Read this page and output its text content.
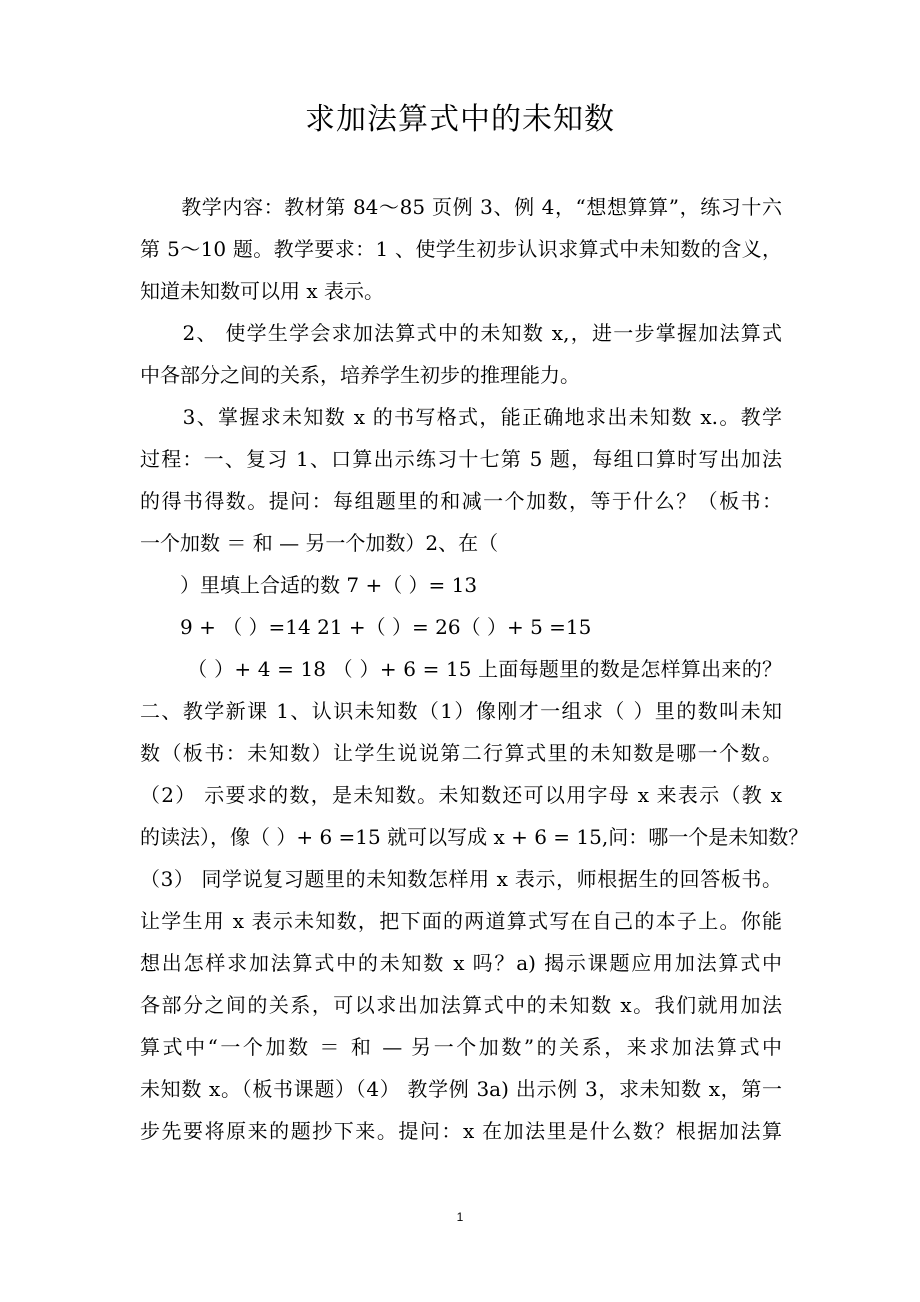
求加法算式中的未知数
　　教学内容：教材第 84～85 页例 3、例 4，“想想算算”，练习十六
第 5～10 题。教学要求：1 、使学生初步认识求算式中未知数的含义，
知道未知数可以用 x 表示。
　　2、 使学生学会求加法算式中的未知数 x,，进一步掌握加法算式
中各部分之间的关系，培养学生初步的推理能力。
　　3、掌握求未知数 x 的书写格式，能正确地求出未知数 x.。教学
过程：一、复习 1、口算出示练习十七第 5 题，每组口算时写出加法
的得书得数。提问：每组题里的和减一个加数，等于什么？（板书：
一个加数 ＝ 和 — 另一个加数）2、在（
　　）里填上合适的数 7 +（ ）= 13
　　9 + （ ）=14 21 +（ ）= 26（ ）+ 5 =15
　　 （ ）+ 4 = 18 （ ）+ 6 = 15 上面每题里的数是怎样算出来的？
二、教学新课 1、认识未知数（1）像刚才一组求（ ）里的数叫未知
数（板书：未知数）让学生说说第二行算式里的未知数是哪一个数。
（2） 示要求的数，是未知数。未知数还可以用字母 x 来表示（教 x
的读法），像（ ）+ 6 =15 就可以写成 x + 6 = 15,问：哪一个是未知数？
（3） 同学说复习题里的未知数怎样用 x 表示，师根据生的回答板书。
让学生用 x 表示未知数，把下面的两道算式写在自己的本子上。你能
想出怎样求加法算式中的未知数 x 吗？a) 揭示课题应用加法算式中
各部分之间的关系，可以求出加法算式中的未知数 x。我们就用加法
算式中“一个加数 ＝ 和 — 另一个加数”的关系，来求加法算式中
未知数 x。（板书课题）（4） 教学例 3a) 出示例 3，求未知数 x，第一
步先要将原来的题抄下来。提问：x 在加法里是什么数？根据加法算
1
